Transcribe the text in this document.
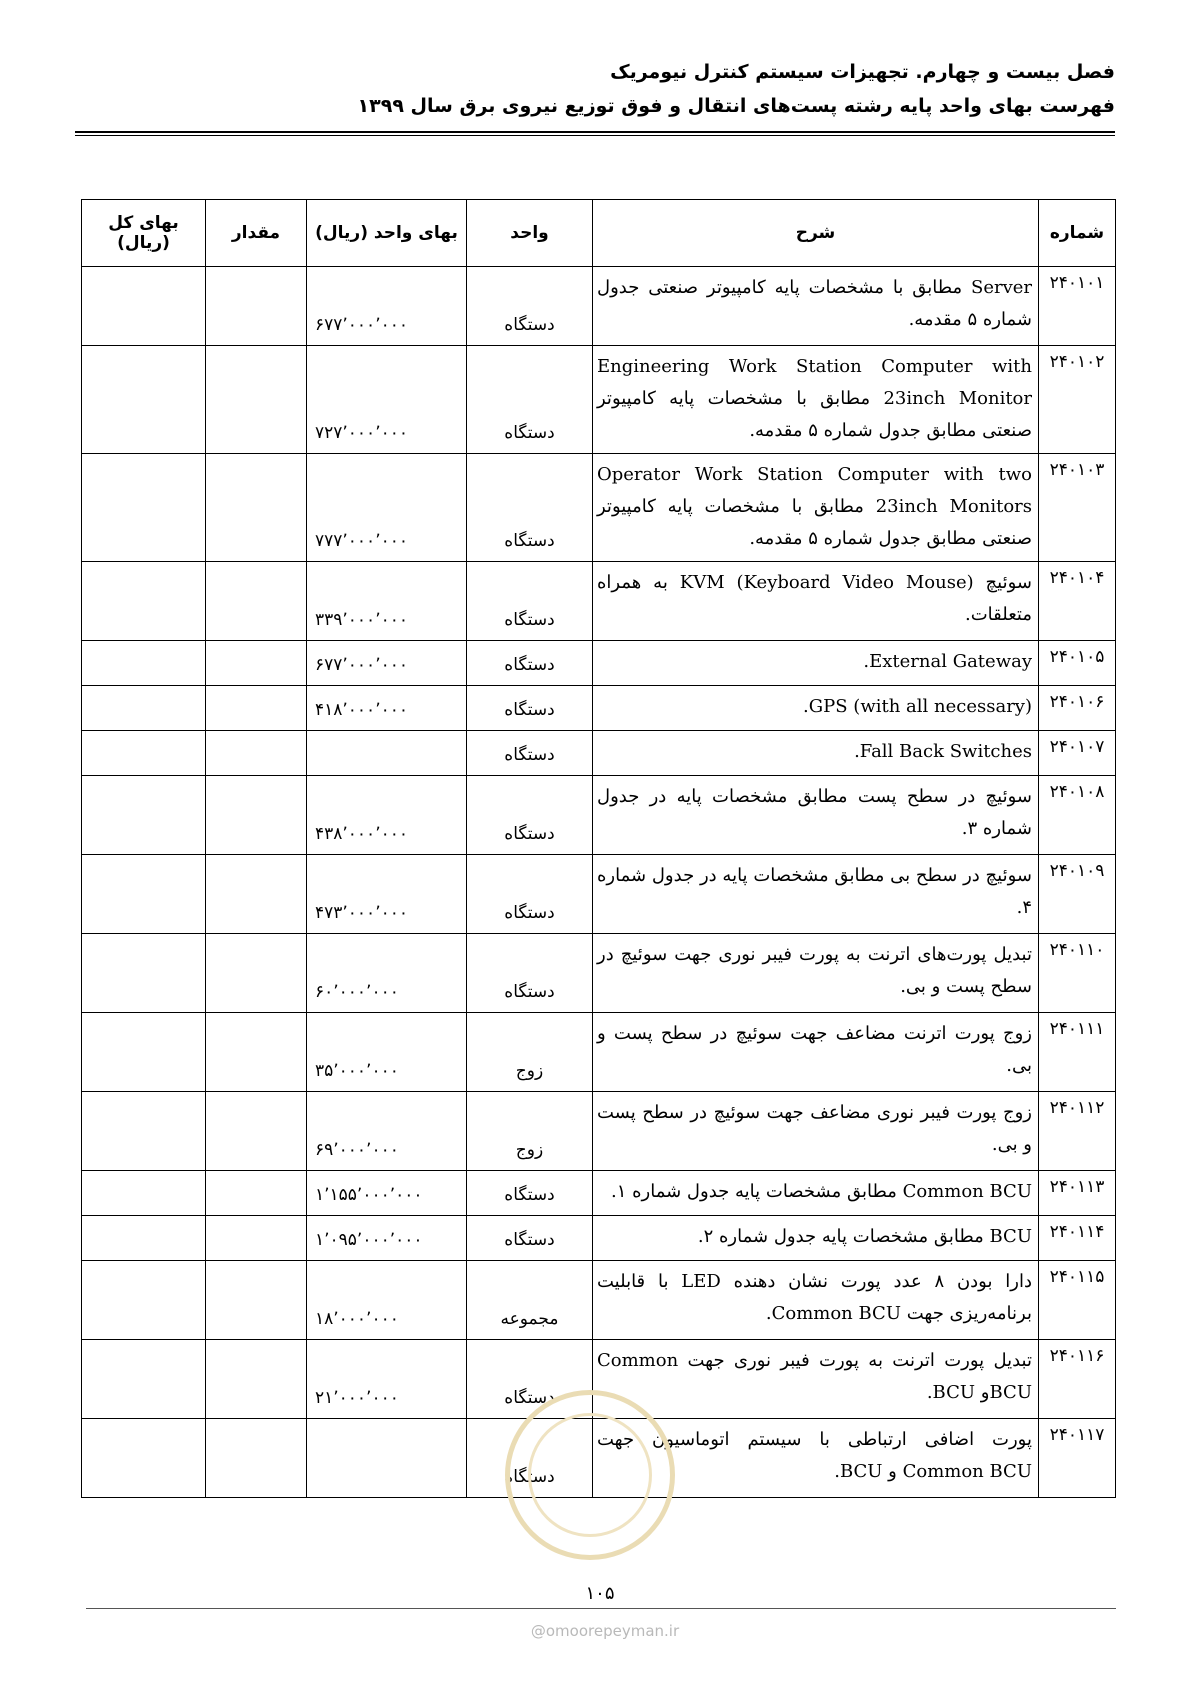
فصل بیست و چهارم. تجهیزات سیستم کنترل نیومریک
فهرست بهای واحد پایه رشته پست‌های انتقال و فوق توزیع نیروی برق سال ۱۳۹۹
شماره	شرح	واحد	بهای واحد (ریال)	مقدار	بهای کل (ریال)
۲۴۰۱۰۱	Server مطابق با مشخصات پایه کامپیوتر صنعتی جدول شماره ۵ مقدمه.	دستگاه	۶۷۷٬۰۰۰٬۰۰۰		
۲۴۰۱۰۲	Engineering Work Station Computer with 23inch Monitor مطابق با مشخصات پایه کامپیوتر صنعتی مطابق جدول شماره ۵ مقدمه.	دستگاه	۷۲۷٬۰۰۰٬۰۰۰		
۲۴۰۱۰۳	Operator Work Station Computer with two 23inch Monitors مطابق با مشخصات پایه کامپیوتر صنعتی مطابق جدول شماره ۵ مقدمه.	دستگاه	۷۷۷٬۰۰۰٬۰۰۰		
۲۴۰۱۰۴	سوئیچ KVM (Keyboard Video Mouse) به همراه متعلقات.	دستگاه	۳۳۹٬۰۰۰٬۰۰۰		
۲۴۰۱۰۵	External Gateway.	دستگاه	۶۷۷٬۰۰۰٬۰۰۰		
۲۴۰۱۰۶	GPS (with all necessary).	دستگاه	۴۱۸٬۰۰۰٬۰۰۰		
۲۴۰۱۰۷	Fall Back Switches.	دستگاه			
۲۴۰۱۰۸	سوئیچ در سطح پست مطابق مشخصات پایه در جدول شماره ۳.	دستگاه	۴۳۸٬۰۰۰٬۰۰۰		
۲۴۰۱۰۹	سوئیچ در سطح بی مطابق مشخصات پایه در جدول شماره ۴.	دستگاه	۴۷۳٬۰۰۰٬۰۰۰		
۲۴۰۱۱۰	تبدیل پورت‌های اترنت به پورت فیبر نوری جهت سوئیچ در سطح پست و بی.	دستگاه	۶۰٬۰۰۰٬۰۰۰		
۲۴۰۱۱۱	زوج پورت اترنت مضاعف جهت سوئیچ در سطح پست و بی.	زوج	۳۵٬۰۰۰٬۰۰۰		
۲۴۰۱۱۲	زوج پورت فیبر نوری مضاعف جهت سوئیچ در سطح پست و بی.	زوج	۶۹٬۰۰۰٬۰۰۰		
۲۴۰۱۱۳	Common BCU مطابق مشخصات پایه جدول شماره ۱.	دستگاه	۱٬۱۵۵٬۰۰۰٬۰۰۰		
۲۴۰۱۱۴	BCU مطابق مشخصات پایه جدول شماره ۲.	دستگاه	۱٬۰۹۵٬۰۰۰٬۰۰۰		
۲۴۰۱۱۵	دارا بودن ۸ عدد پورت نشان دهنده LED با قابلیت برنامه‌ریزی جهت Common BCU.	مجموعه	۱۸٬۰۰۰٬۰۰۰		
۲۴۰۱۱۶	تبدیل پورت اترنت به پورت فیبر نوری جهت Common BCUو BCU.	دستگاه	۲۱٬۰۰۰٬۰۰۰		
۲۴۰۱۱۷	پورت اضافی ارتباطی با سیستم اتوماسیون جهت Common BCU و BCU.	دستگاه			
۱۰۵
@omoorepeyman.ir
